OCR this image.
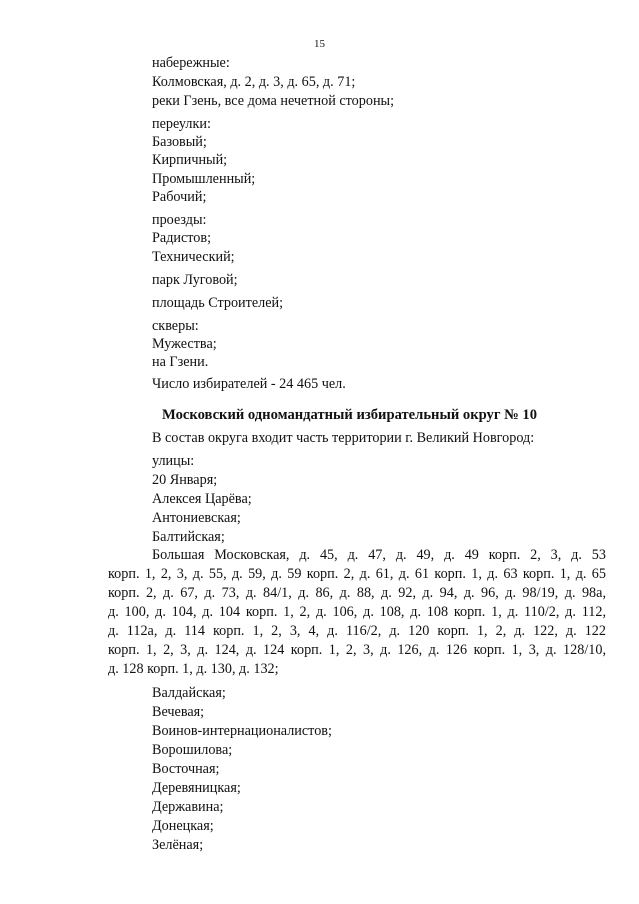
15
набережные:
Колмовская, д. 2, д. 3, д. 65, д. 71;
реки Гзень, все дома нечетной стороны;
переулки:
Базовый;
Кирпичный;
Промышленный;
Рабочий;
проезды:
Радистов;
Технический;
парк Луговой;
площадь Строителей;
скверы:
Мужества;
на Гзени.
Число избирателей - 24 465 чел.
Московский одномандатный избирательный округ № 10
В состав округа входит часть территории г. Великий Новгород:
улицы:
20 Января;
Алексея Царёва;
Антониевская;
Балтийская;
Большая Московская, д. 45, д. 47, д. 49, д. 49 корп. 2, 3, д. 53
корп. 1, 2, 3, д. 55, д. 59, д. 59 корп. 2, д. 61, д. 61 корп. 1, д. 63 корп. 1, д. 65
корп. 2, д. 67, д. 73, д. 84/1, д. 86, д. 88, д. 92, д. 94, д. 96, д. 98/19, д. 98а,
д. 100, д. 104, д. 104 корп. 1, 2, д. 106, д. 108, д. 108 корп. 1, д. 110/2, д. 112,
д. 112а, д. 114 корп. 1, 2, 3, 4, д. 116/2, д. 120 корп. 1, 2, д. 122, д. 122
корп. 1, 2, 3, д. 124, д. 124 корп. 1, 2, 3, д. 126, д. 126 корп. 1, 3, д. 128/10,
д. 128 корп. 1, д. 130, д. 132;
Валдайская;
Вечевая;
Воинов-интернационалистов;
Ворошилова;
Восточная;
Деревяницкая;
Державина;
Донецкая;
Зелёная;
